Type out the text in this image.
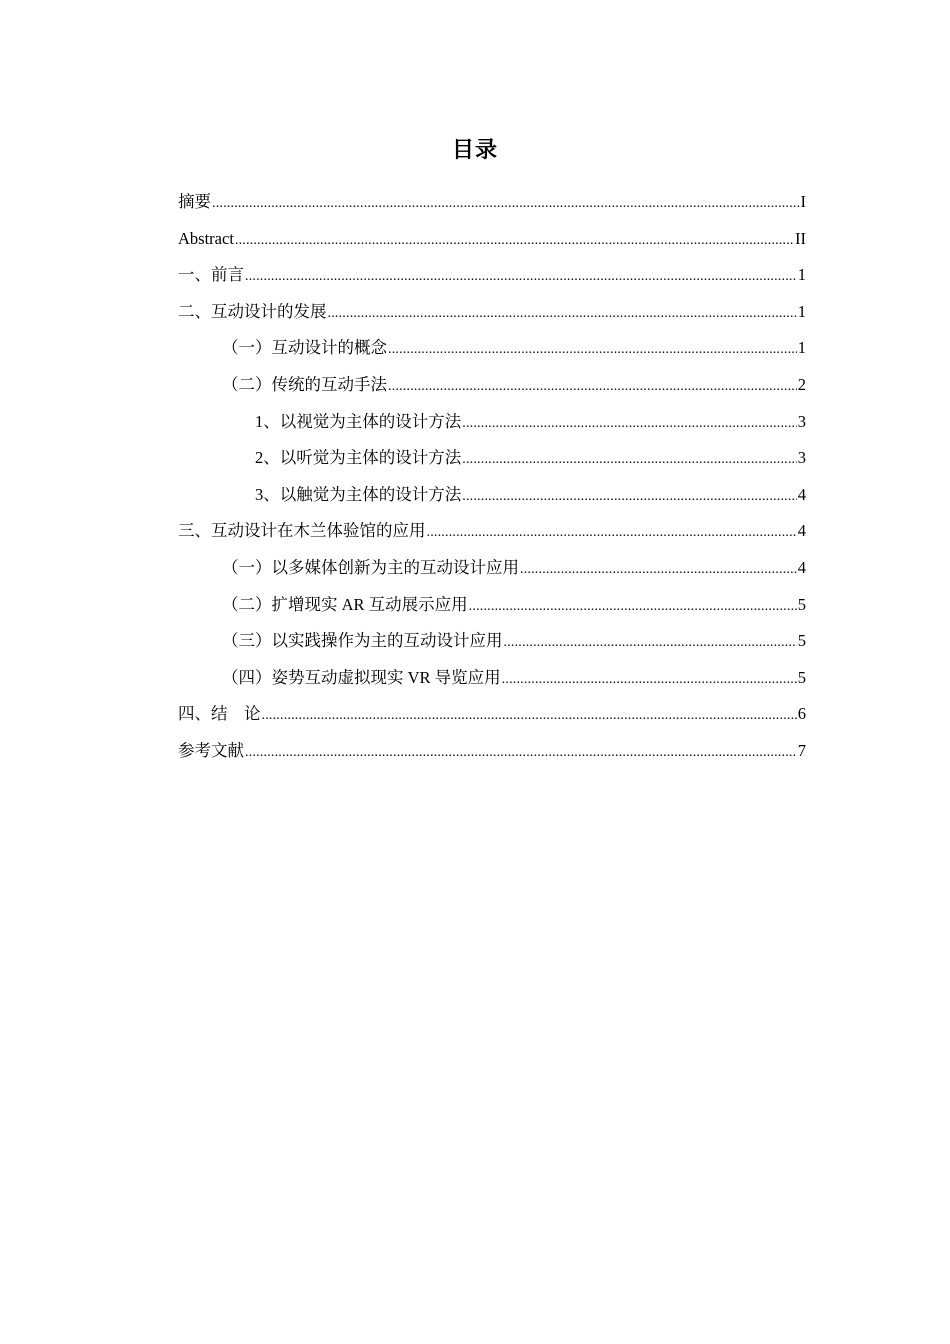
目录
摘要 .....	I
Abstract .....	II
一、前言 .....	1
二、互动设计的发展 .....	1
（一）互动设计的概念 .....	1
（二）传统的互动手法 .....	2
1、以视觉为主体的设计方法 .....	3
2、以听觉为主体的设计方法 .....	3
3、以触觉为主体的设计方法 .....	4
三、互动设计在木兰体验馆的应用 .....	4
（一）以多媒体创新为主的互动设计应用 .....	4
（二）扩增现实 AR 互动展示应用 .....	5
（三）以实践操作为主的互动设计应用 .....	5
（四）姿势互动虚拟现实 VR 导览应用 .....	5
四、结　论 .....	6
参考文献 .....	7
